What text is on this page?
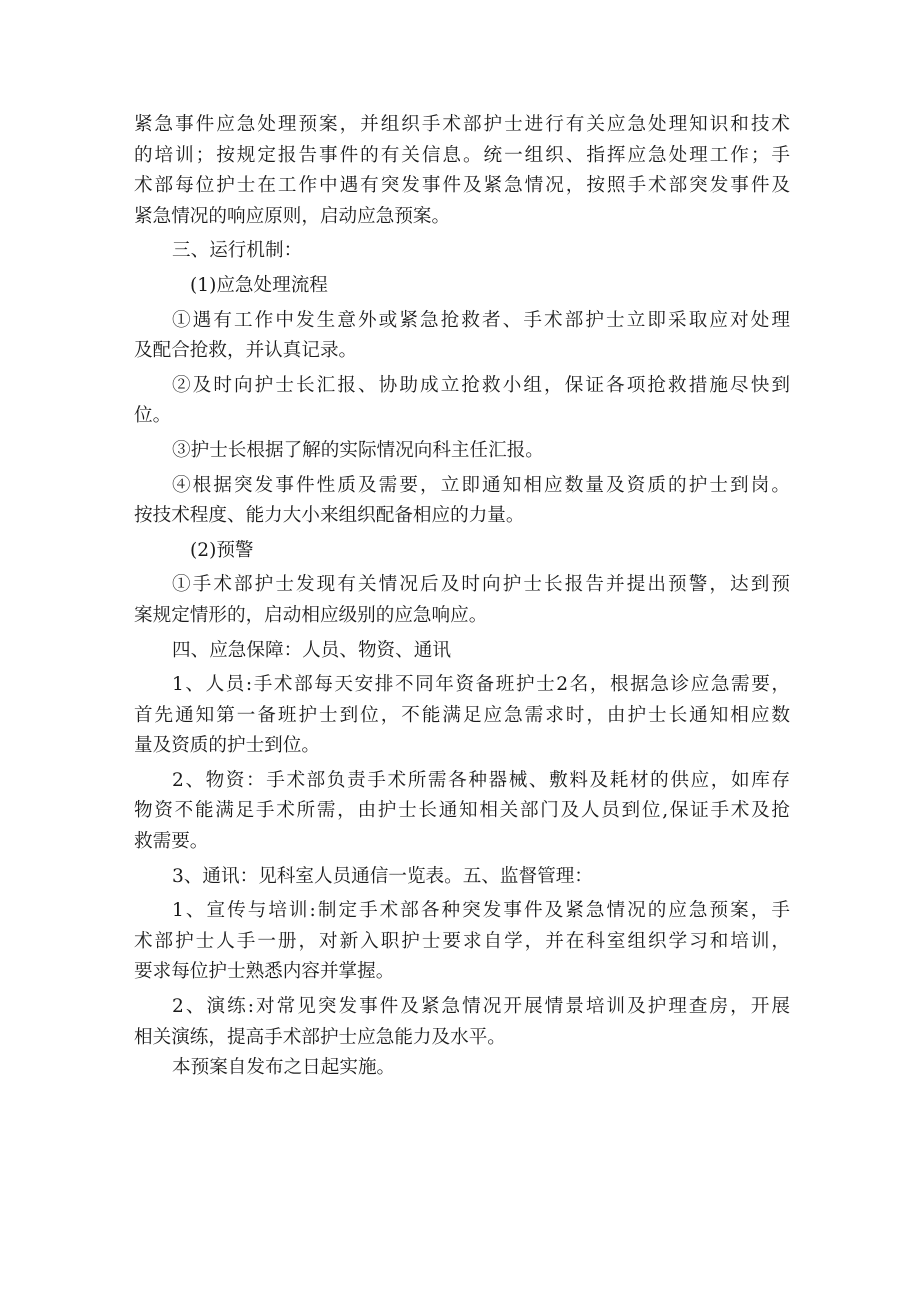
紧急事件应急处理预案，并组织手术部护士进行有关应急处理知识和技术
的培训；按规定报告事件的有关信息。统一组织、指挥应急处理工作；手
术部每位护士在工作中遇有突发事件及紧急情况，按照手术部突发事件及
紧急情况的响应原则，启动应急预案。
三、运行机制：
(1)应急处理流程
①遇有工作中发生意外或紧急抢救者、手术部护士立即采取应对处理
及配合抢救，并认真记录。
②及时向护士长汇报、协助成立抢救小组，保证各项抢救措施尽快到
位。
③护士长根据了解的实际情况向科主任汇报。
④根据突发事件性质及需要，立即通知相应数量及资质的护士到岗。
按技术程度、能力大小来组织配备相应的力量。
(2)预警
①手术部护士发现有关情况后及时向护士长报告并提出预警，达到预
案规定情形的，启动相应级别的应急响应。
四、应急保障：人员、物资、通讯
1、人员:手术部每天安排不同年资备班护士2名，根据急诊应急需要，
首先通知第一备班护士到位，不能满足应急需求时，由护士长通知相应数
量及资质的护士到位。
2、物资：手术部负责手术所需各种器械、敷料及耗材的供应，如库存
物资不能满足手术所需，由护士长通知相关部门及人员到位,保证手术及抢
救需要。
3、通讯：见科室人员通信一览表。五、监督管理：
1、宣传与培训:制定手术部各种突发事件及紧急情况的应急预案，手
术部护士人手一册，对新入职护士要求自学，并在科室组织学习和培训，
要求每位护士熟悉内容并掌握。
2、演练:对常见突发事件及紧急情况开展情景培训及护理查房，开展
相关演练，提高手术部护士应急能力及水平。
本预案自发布之日起实施。
